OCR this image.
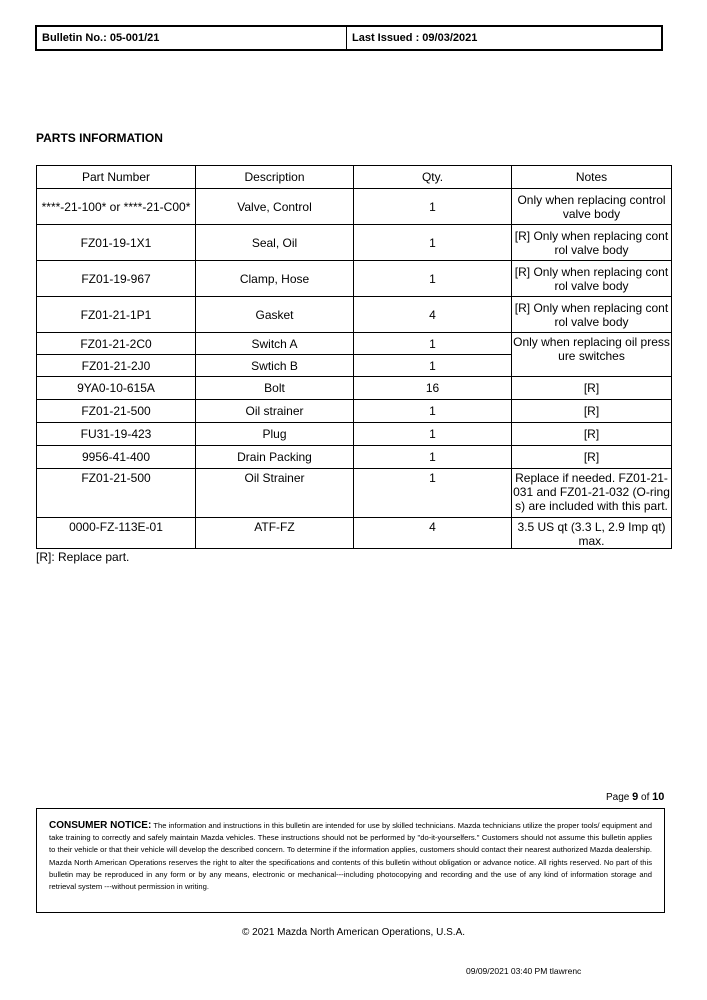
Bulletin No.: 05-001/21	Last Issued : 09/03/2021
PARTS INFORMATION
Part Number	Description	Qty.	Notes
****-21-100* or ****-21-C00*	Valve, Control	1	Only when replacing control valve body
FZ01-19-1X1	Seal, Oil	1	[R] Only when replacing control valve body
FZ01-19-967	Clamp, Hose	1	[R] Only when replacing control valve body
FZ01-21-1P1	Gasket	4	[R] Only when replacing control valve body
FZ01-21-2C0	Switch A	1	Only when replacing oil pressure switches
FZ01-21-2J0	Swtich B	1	
9YA0-10-615A	Bolt	16	[R]
FZ01-21-500	Oil strainer	1	[R]
FU31-19-423	Plug	1	[R]
9956-41-400	Drain Packing	1	[R]
FZ01-21-500	Oil Strainer	1	Replace if needed. FZ01-21-031 and FZ01-21-032 (O-rings) are included with this part.
0000-FZ-113E-01	ATF-FZ	4	3.5 US qt (3.3 L, 2.9 Imp qt) max.
[R]: Replace part.
Page 9 of 10
CONSUMER NOTICE: The information and instructions in this bulletin are intended for use by skilled technicians. Mazda technicians utilize the proper tools/ equipment and take training to correctly and safely maintain Mazda vehicles. These instructions should not be performed by "do-it-yourselfers." Customers should not assume this bulletin applies to their vehicle or that their vehicle will develop the described concern. To determine if the information applies, customers should contact their nearest authorized Mazda dealership. Mazda North American Operations reserves the right to alter the specifications and contents of this bulletin without obligation or advance notice. All rights reserved. No part of this bulletin may be reproduced in any form or by any means, electronic or mechanical---including photocopying and recording and the use of any kind of information storage and retrieval system ---without permission in writing.
© 2021 Mazda North American Operations, U.S.A.
09/09/2021 03:40 PM tlawrenc
